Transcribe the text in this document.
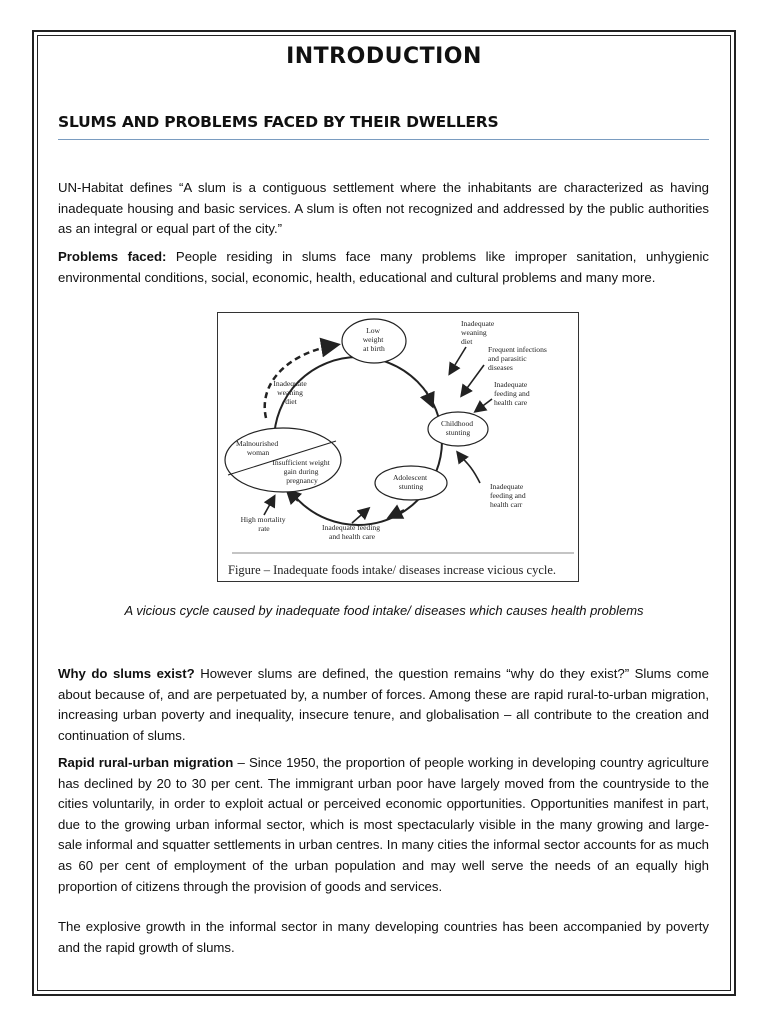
INTRODUCTION
SLUMS AND PROBLEMS FACED BY THEIR DWELLERS
UN-Habitat defines “A slum is a contiguous settlement where the inhabitants are characterized as having inadequate housing and basic services. A slum is often not recognized and addressed by the public authorities as an integral or equal part of the city.”
Problems faced: People residing in slums face many problems like improper sanitation, unhygienic environmental conditions, social, economic, health, educational and cultural problems and many more.
Low weight at birth
Childhood stunting
Adolescent stunting
Malnourished woman
Insufficient weight gain during pregnancy
Inadequate weaning diet
Frequent infections and parasitic diseases
Inadequate feeding and health care
Inadequate feeding and health carr
Inadequate weaning diet
High mortality rate	Inadequate feeding and health care
Figure – Inadequate foods intake/ diseases increase vicious cycle.
A vicious cycle caused by inadequate food intake/ diseases which causes health problems
Why do slums exist? However slums are defined, the question remains “why do they exist?” Slums come about because of, and are perpetuated by, a number of forces. Among these are rapid rural-to-urban migration, increasing urban poverty and inequality, insecure tenure, and globalisation – all contribute to the creation and continuation of slums.
Rapid rural-urban migration – Since 1950, the proportion of people working in developing country agriculture has declined by 20 to 30 per cent. The immigrant urban poor have largely moved from the countryside to the cities voluntarily, in order to exploit actual or perceived economic opportunities. Opportunities manifest in part, due to the growing urban informal sector, which is most spectacularly visible in the many growing and large-sale informal and squatter settlements in urban centres. In many cities the informal sector accounts for as much as 60 per cent of employment of the urban population and may well serve the needs of an equally high proportion of citizens through the provision of goods and services.
The explosive growth in the informal sector in many developing countries has been accompanied by poverty and the rapid growth of slums.
